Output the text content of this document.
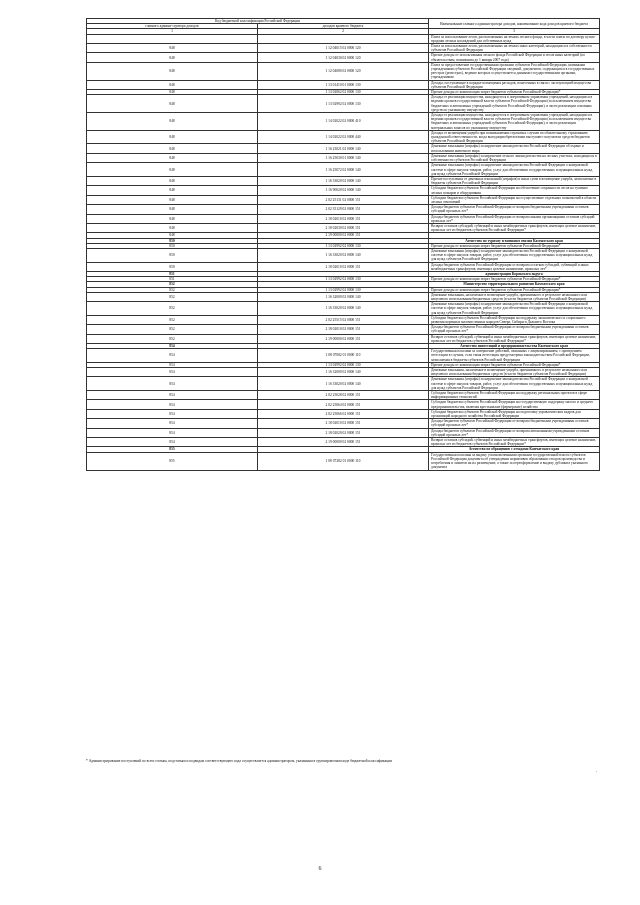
Код бюджетной классификации Российской Федерации		Наименование главного администратора доходов, наименование кода доходов краевого бюджета
главного админи-стратора доходов	доходов краевого бюджета	
1	2	3
		Плата за использование лесов, расположенных на землях лесного фонда, в части платы по договору купли-продажи лесных насаждений для собственных нужд
848	1 12 04015 02 0000 120	Плата за использование лесов, расположенных на землях иных категорий, находящихся в собственности субъектов Российской Федерации
848	1 12 04030 02 0000 120	Прочие доходы от использования лесного фонда Российской Федерации и лесов иных категорий (по обязательствам, возникшим до 1 января 2007 года)
848	1 12 04080 02 0000 120	Плата за предоставление государственными органами субъектов Российской Федерации, казенными учреждениями субъектов Российской Федерации сведений, документов, содержащихся в государственных реестрах (регистрах), ведение которых осуществляется данными государственными органами, учреждениями
848	1 13 01410 01 0000 130	Доходы, поступающие в порядке возмещения расходов, понесенных в связи с эксплуатацией имущества субъектов Российской Федерации
848	1 13 02062 02 0000 130	Прочие доходы от компенсации затрат бюджетов субъектов Российской Федерации*
848	1 13 02992 02 0000 130	Доходы от реализации имущества, находящегося в оперативном управлении учреждений, находящихся в ведении органов государственной власти субъектов Российской Федерации (за исключением имущества бюджетных и автономных учреждений субъектов Российской Федерации), в части реализации основных средств по указанному имуществу
848	1 14 02022 02 0000 410	Доходы от реализации имущества, находящегося в оперативном управлении учреждений, находящихся в ведении органов государственной власти субъектов Российской Федерации (за исключением имущества бюджетных и автономных учреждений субъектов Российской Федерации), в части реализации материальных запасов по указанному имуществу
848	1 14 02022 02 0000 440	Доходы от возмещения ущерба при возникновении страховых случаев по обязательному страхованию гражданской ответственности, когда выгодоприобретателями выступают получатели средств бюджетов субъектов Российской Федерации
848	1 16 23021 02 0000 140	Денежные взыскания (штрафы) за нарушение законодательства Российской Федерации об охране и использовании животного мира
848	1 16 25030 01 0000 140	Денежные взыскания (штрафы) за нарушение лесного законодательства на лесных участках, находящихся в собственности субъектов Российской Федерации
848	1 16 25072 02 0000 140	Денежные взыскания (штрафы) за нарушение законодательства Российской Федерации о контрактной системе в сфере закупок товаров, работ, услуг для обеспечения государственных и муниципальных нужд для нужд субъектов Российской Федерации
848	1 16 33020 02 0000 140	Прочие поступления от денежных взысканий (штрафов) и иных сумм в возмещение ущерба, зачисляемые в бюджеты субъектов Российской Федерации
848	1 16 90020 02 0000 140	Субсидии бюджетам субъектов Российской Федерации на обеспечение сохранности лесов на тушение лесных пожаров и оборудования
848	2 02 25131 02 0000 151	Субсидии бюджетам субъектов Российской Федерации на осуществление отдельных полномочий в области лесных отношений
848	2 02 35129 02 0000 151	Доходы бюджетов субъектов Российской Федерации от возврата бюджетными учреждениями остатков субсидий прошлых лет*
848	2 18 02010 02 0000 151	Доходы бюджетов субъектов Российской Федерации от возврата иными организациями остатков субсидий прошлых лет*
848	2 18 02030 02 0000 151	Возврат остатков субсидий, субвенций и иных межбюджетных трансфертов, имеющих целевое назначение, прошлых лет из бюджетов субъектов Российской Федерации*
848	2 19 00000 02 0000 151	
850		Агентство по туризму и внешним связям Камчатского края
850	1 13 02992 02 0000 130	Прочие доходы от компенсации затрат бюджетов субъектов Российской Федерации*
850	1 16 33020 02 0000 140	Денежные взыскания (штрафы) за нарушение законодательства Российской Федерации о контрактной системе в сфере закупок товаров, работ, услуг для обеспечения государственных и муниципальных нужд для нужд субъектов Российской Федерации
850	2 18 02010 02 0000 151	Доходы бюджетов субъектов Российской Федерации от возврата остатков субсидий, субвенций и иных межбюджетных трансфертов, имеющих целевое назначение, прошлых лет*
851		администрация Корякского округа
851	1 13 02992 02 0000 130	Прочие доходы от компенсации затрат бюджетов субъектов Российской Федерации*
852		Министерство территориального развития Камчатского края
852	1 13 02992 02 0000 130	Прочие доходы от компенсации затрат бюджетов субъектов Российской Федерации*
852	1 16 32000 02 0000 140	Денежные взыскания, налагаемые в возмещение ущерба, причиненного в результате незаконного или нецелевого использования бюджетных средств (в части бюджетов субъектов Российской Федерации)
852	1 16 33020 02 0000 140	Денежные взыскания (штрафы) за нарушение законодательства Российской Федерации о контрактной системе в сфере закупок товаров, работ, услуг для обеспечения государственных и муниципальных нужд для нужд субъектов Российской Федерации
852	2 02 25515 02 0000 151	Субсидии бюджетам субъектов Российской Федерации на поддержку экономического и социального развития коренных малочисленных народов Севера, Сибири и Дальнего Востока
852	2 18 02010 02 0000 151	Доходы бюджетов субъектов Российской Федерации от возврата бюджетными учреждениями остатков субсидий прошлых лет*
852	2 19 00000 02 0000 151	Возврат остатков субсидий, субвенций и иных межбюджетных трансфертов, имеющих целевое назначение, прошлых лет из бюджетов субъектов Российской Федерации*
854		Агентство инвестиций и предпринимательства Камчатского края
854	1 08 07082 01 0000 110	Государственная пошлина за совершение действий, связанных с лицензированием, с проведением аттестации в случаях, если такая аттестация предусмотрена законодательством Российской Федерации, зачисляемая в бюджеты субъектов Российской Федерации
854	1 13 02992 02 0000 130	Прочие доходы от компенсации затрат бюджетов субъектов Российской Федерации*
854	1 16 32000 02 0000 140	Денежные взыскания, налагаемые в возмещение ущерба, причиненного в результате незаконного или нецелевого использования бюджетных средств (в части бюджетов субъектов Российской Федерации)
854	1 16 33020 02 0000 140	Денежные взыскания (штрафы) за нарушение законодательства Российской Федерации о контрактной системе в сфере закупок товаров, работ, услуг для обеспечения государственных и муниципальных нужд для нужд субъектов Российской Федерации
854	2 02 25028 02 0000 151	Субсидии бюджетам субъектов Российской Федерации на поддержку региональных проектов в сфере информационных технологий
854	2 02 25064 02 0000 151	Субсидии бюджетам субъектов Российской Федерации на государственную поддержку малого и среднего предпринимательства, включая крестьянские (фермерские) хозяйства
854	2 02 25066 02 0000 151	Субсидии бюджетам субъектов Российской Федерации на подготовку управленческих кадров для организаций народного хозяйства Российской Федерации
854	2 18 02010 02 0000 151	Доходы бюджетов субъектов Российской Федерации от возврата бюджетными учреждениями остатков субсидий прошлых лет*
854	2 18 02020 02 0000 151	Доходы бюджетов субъектов Российской Федерации от возврата автономными учреждениями остатков субсидий прошлых лет*
854	2 19 00000 02 0000 151	Возврат остатков субсидий, субвенций и иных межбюджетных трансфертов, имеющих целевое назначение, прошлых лет из бюджетов субъектов Российской Федерации*
855		Агентство по обращению с отходами Камчатского края
855	1 08 07282 01 0000 110	Государственная пошлина за выдачу уполномоченными органами государственной власти субъектов Российской Федерации документа об утверждении нормативов образования отходов производства и потребления и лимитов на их размещение, а также за переоформление и выдачу дубликата указанного документа
* Администрирование поступлений по всем статьям, подстатьям и подвидам соответствующего кода осуществляется администратором, указанным в группировочном коде бюджетной классификации
.
6
